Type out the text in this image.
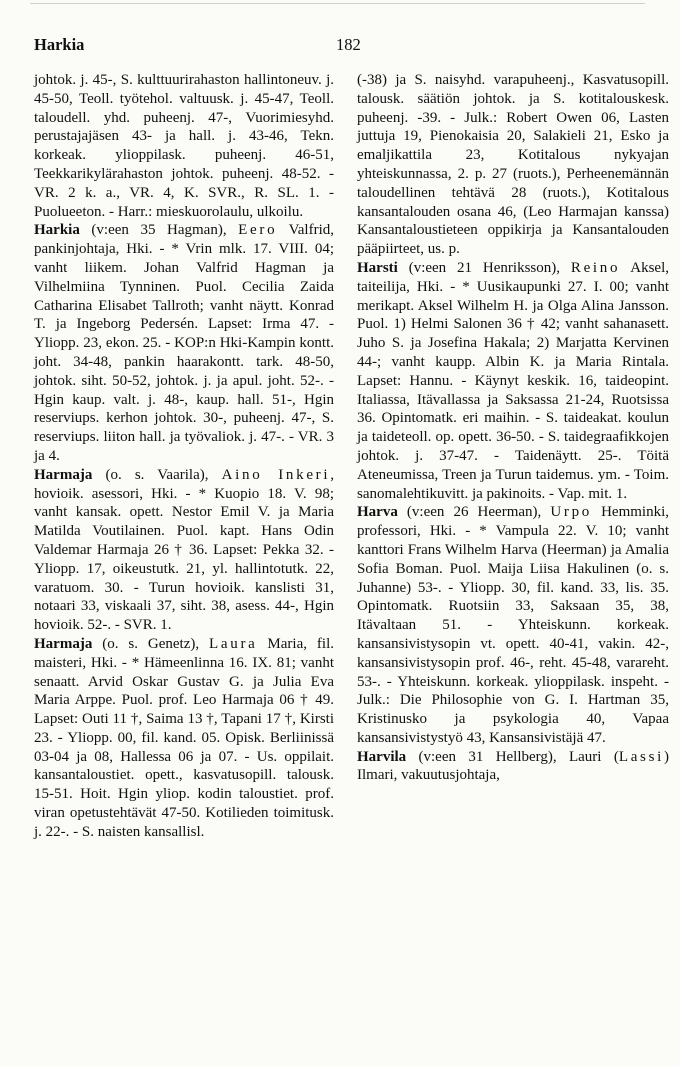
Harkia	182
johtok. j. 45-, S. kulttuurirahaston hallintoneuv. j. 45-50, Teoll. työtehol. valtuusk. j. 45-47, Teoll. taloudell. yhd. puheenj. 47-, Vuorimiesyhd. perustajajäsen 43- ja hall. j. 43-46, Tekn. korkeak. ylioppilask. puheenj. 46-51, Teekkarikylärahaston johtok. puheenj. 48-52. - VR. 2 k. a., VR. 4, K. SVR., R. SL. 1. - Puolueeton. - Harr.: mieskuorolaulu, ulkoilu.
Harkia (v:een 35 Hagman), Eero Valfrid, pankinjohtaja, Hki. - * Vrin mlk. 17. VIII. 04; vanht liikem. Johan Valfrid Hagman ja Vilhelmiina Tynninen. Puol. Cecilia Zaida Catharina Elisabet Tallroth; vanht näytt. Konrad T. ja Ingeborg Pedersén. Lapset: Irma 47. - Yliopp. 23, ekon. 25. - KOP:n Hki-Kampin kontt. joht. 34-48, pankin haarakontt. tark. 48-50, johtok. siht. 50-52, johtok. j. ja apul. joht. 52-. - Hgin kaup. valt. j. 48-, kaup. hall. 51-, Hgin reserviups. kerhon johtok. 30-, puheenj. 47-, S. reserviups. liiton hall. ja työvaliok. j. 47-. - VR. 3 ja 4.
Harmaja (o. s. Vaarila), Aino Inkeri, hovioik. asessori, Hki. - * Kuopio 18. V. 98; vanht kansak. opett. Nestor Emil V. ja Maria Matilda Voutilainen. Puol. kapt. Hans Odin Valdemar Harmaja 26 † 36. Lapset: Pekka 32. - Yliopp. 17, oikeustutk. 21, yl. hallintotutk. 22, varatuom. 30. - Turun hovioik. kanslisti 31, notaari 33, viskaali 37, siht. 38, asess. 44-, Hgin hovioik. 52-. - SVR. 1.
Harmaja (o. s. Genetz), Laura Maria, fil. maisteri, Hki. - * Hämeenlinna 16. IX. 81; vanht senaatt. Arvid Oskar Gustav G. ja Julia Eva Maria Arppe. Puol. prof. Leo Harmaja 06 † 49. Lapset: Outi 11 †, Saima 13 †, Tapani 17 †, Kirsti 23. - Yliopp. 00, fil. kand. 05. Opisk. Berliinissä 03-04 ja 08, Hallessa 06 ja 07. - Us. oppilait. kansantaloustiet. opett., kasvatusopill. talousk. 15-51. Hoit. Hgin yliop. kodin taloustiet. prof. viran opetustehtävät 47-50. Kotilieden toimitusk. j. 22-. - S. naisten kansallisl.
(-38) ja S. naisyhd. varapuheenj., Kasvatusopill. talousk. säätiön johtok. ja S. kotitalouskesk. puheenj. -39. - Julk.: Robert Owen 06, Lasten juttuja 19, Pienokaisia 20, Salakieli 21, Esko ja emaljikattila 23, Kotitalous nykyajan yhteiskunnassa, 2. p. 27 (ruots.), Perheenemännän taloudellinen tehtävä 28 (ruots.), Kotitalous kansantalouden osana 46, (Leo Harmajan kanssa) Kansantaloustieteen oppikirja ja Kansantalouden pääpiirteet, us. p.
Harsti (v:een 21 Henriksson), Reino Aksel, taiteilija, Hki. - * Uusikaupunki 27. I. 00; vanht merikapt. Aksel Wilhelm H. ja Olga Alina Jansson. Puol. 1) Helmi Salonen 36 † 42; vanht sahanasett. Juho S. ja Josefina Hakala; 2) Marjatta Kervinen 44-; vanht kaupp. Albin K. ja Maria Rintala. Lapset: Hannu. - Käynyt keskik. 16, taideopint. Italiassa, Itävallassa ja Saksassa 21-24, Ruotsissa 36. Opintomatk. eri maihin. - S. taideakat. koulun ja taideteoll. op. opett. 36-50. - S. taidegraafikkojen johtok. j. 37-47. - Taidenäytt. 25-. Töitä Ateneumissa, Treen ja Turun taidemus. ym. - Toim. sanomalehtikuvitt. ja pakinoits. - Vap. mit. 1.
Harva (v:een 26 Heerman), Urpo Hemminki, professori, Hki. - * Vampula 22. V. 10; vanht kanttori Frans Wilhelm Harva (Heerman) ja Amalia Sofia Boman. Puol. Maija Liisa Hakulinen (o. s. Juhanne) 53-. - Yliopp. 30, fil. kand. 33, lis. 35. Opintomatk. Ruotsiin 33, Saksaan 35, 38, Itävaltaan 51. - Yhteiskunn. korkeak. kansansivistysopin vt. opett. 40-41, vakin. 42-, kansansivistysopin prof. 46-, reht. 45-48, varareht. 53-. - Yhteiskunn. korkeak. ylioppilask. inspeht. - Julk.: Die Philosophie von G. I. Hartman 35, Kristinusko ja psykologia 40, Vapaa kansansivistystyö 43, Kansansivistäjä 47.
Harvila (v:een 31 Hellberg), Lauri (Lassi) Ilmari, vakuutusjohtaja,
